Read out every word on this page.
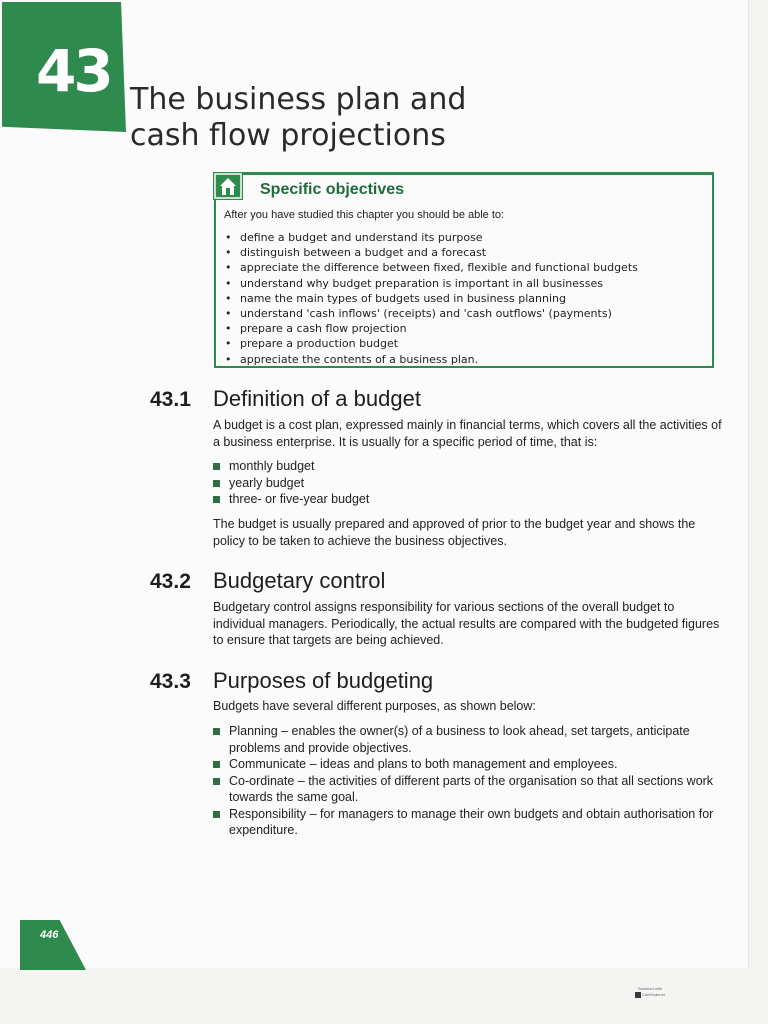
43 The business plan and
cash flow projections
Specific objectives

After you have studied this chapter you should be able to:

• define a budget and understand its purpose
• distinguish between a budget and a forecast
• appreciate the difference between fixed, flexible and functional budgets
• understand why budget preparation is important in all businesses
• name the main types of budgets used in business planning
• understand 'cash inflows' (receipts) and 'cash outflows' (payments)
• prepare a cash flow projection
• prepare a production budget
• appreciate the contents of a business plan.
43.1 Definition of a budget

A budget is a cost plan, expressed mainly in financial terms, which covers all the activities of a business enterprise. It is usually for a specific period of time, that is:

monthly budget
yearly budget
three- or five-year budget

The budget is usually prepared and approved of prior to the budget year and shows the policy to be taken to achieve the business objectives.

43.2 Budgetary control

Budgetary control assigns responsibility for various sections of the overall budget to individual managers. Periodically, the actual results are compared with the budgeted figures to ensure that targets are being achieved.

43.3 Purposes of budgeting

Budgets have several different purposes, as shown below:

Planning – enables the owner(s) of a business to look ahead, set targets, anticipate problems and provide objectives.
Communicate – ideas and plans to both management and employees.
Co-ordinate – the activities of different parts of the organisation so that all sections work towards the same goal.
Responsibility – for managers to manage their own budgets and obtain authorisation for expenditure.
446
Scanned with
CamScanner
